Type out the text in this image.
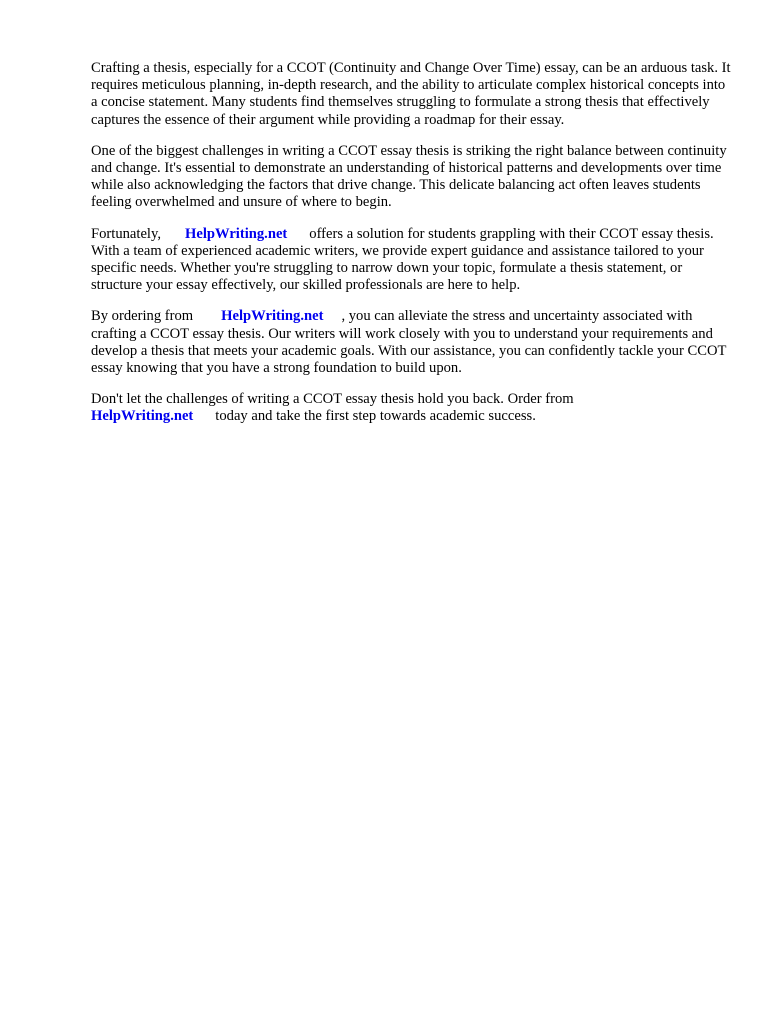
Crafting a thesis, especially for a CCOT (Continuity and Change Over Time) essay, can be an arduous task. It requires meticulous planning, in-depth research, and the ability to articulate complex historical concepts into a concise statement. Many students find themselves struggling to formulate a strong thesis that effectively captures the essence of their argument while providing a roadmap for their essay.

One of the biggest challenges in writing a CCOT essay thesis is striking the right balance between continuity and change. It's essential to demonstrate an understanding of historical patterns and developments over time while also acknowledging the factors that drive change. This delicate balancing act often leaves students feeling overwhelmed and unsure of where to begin.

Fortunately, HelpWriting.net offers a solution for students grappling with their CCOT essay thesis. With a team of experienced academic writers, we provide expert guidance and assistance tailored to your specific needs. Whether you're struggling to narrow down your topic, formulate a thesis statement, or structure your essay effectively, our skilled professionals are here to help.

By ordering from HelpWriting.net , you can alleviate the stress and uncertainty associated with crafting a CCOT essay thesis. Our writers will work closely with you to understand your requirements and develop a thesis that meets your academic goals. With our assistance, you can confidently tackle your CCOT essay knowing that you have a strong foundation to build upon.

Don't let the challenges of writing a CCOT essay thesis hold you back. Order from
HelpWriting.net today and take the first step towards academic success.
